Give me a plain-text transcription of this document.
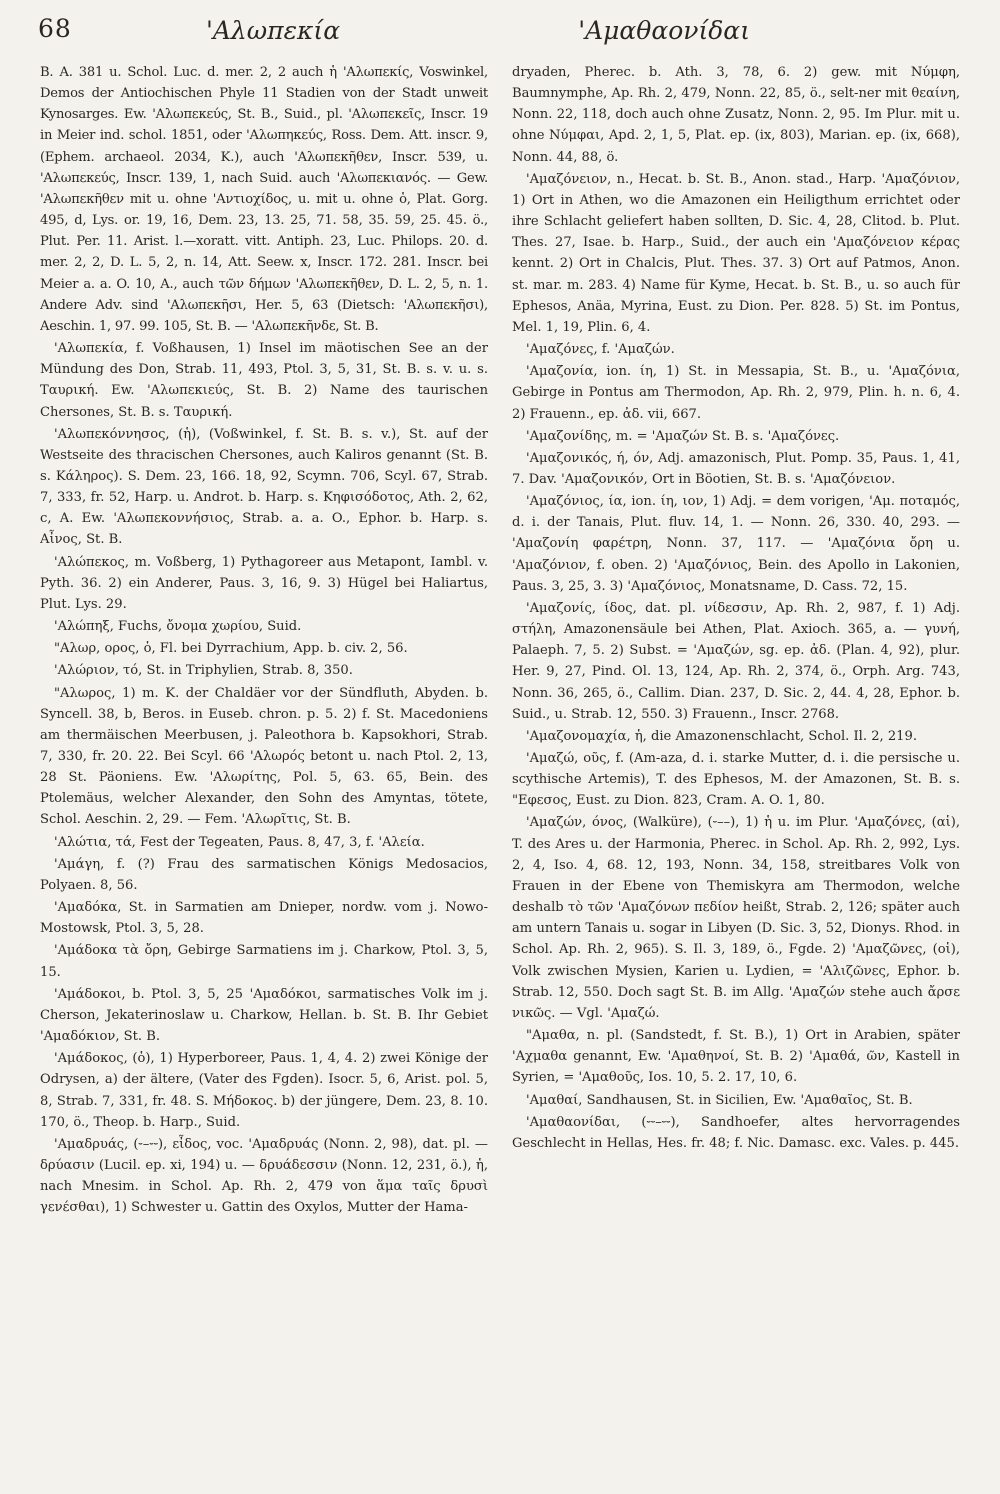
68	'Αλωπεκία	'Αμαθαονίδαι

B. A. 381 u. Schol. Luc. d. mer. 2, 2 auch ἡ 'Αλωπεκίς, Voswinkel, Demos der Antiochischen Phyle 11 Stadien von der Stadt unweit Kynosarges. Ew. 'Αλωπεκεύς, St. B., Suid., pl. 'Αλωπεκεῖς, Inscr. 19 in Meier ind. schol. 1851, oder 'Αλωπηκεύς, Ross. Dem. Att. inscr. 9, (Ephem. archaeol. 2034, K.), auch 'Αλωπεκῆθεν, Inscr. 539, u. 'Αλωπεκεύς, Inscr. 139, 1, nach Suid. auch 'Αλωπεκιανός. — Gew. 'Αλωπεκῆθεν mit u. ohne 'Αντιοχίδος, u. mit u. ohne ὁ, Plat. Gorg. 495, d, Lys. or. 19, 16, Dem. 23, 13. 25, 71. 58, 35. 59, 25. 45. ö., Plut. Per. 11. Arist. l.—xoratt. vitt. Antiph. 23, Luc. Philops. 20. d. mer. 2, 2, D. L. 5, 2, n. 14, Att. Seew. x, Inscr. 172. 281. Inscr. bei Meier a. a. O. 10, A., auch τῶν δήμων 'Αλωπεκῆθεν, D. L. 2, 5, n. 1. Andere Adv. sind 'Αλωπεκῆσι, Her. 5, 63 (Dietsch: 'Αλωπεκῆσι), Aeschin. 1, 97. 99. 105, St. B. — 'Αλωπεκῆνδε, St. B.

'Αλωπεκία, f. Voßhausen, 1) Insel im mäotischen See an der Mündung des Don, Strab. 11, 493, Ptol. 3, 5, 31, St. B. s. v. u. s. Ταυρική. Ew. 'Αλωπεκιεύς, St. B. 2) Name des taurischen Chersones, St. B. s. Ταυρική.

'Αλωπεκόννησος, (ἡ), (Voßwinkel, f. St. B. s. v.), St. auf der Westseite des thracischen Chersones, auch Kaliros genannt (St. B. s. Κάληρος). S. Dem. 23, 166. 18, 92, Scymn. 706, Scyl. 67, Strab. 7, 333, fr. 52, Harp. u. Androt. b. Harp. s. Κηφισόδοτος, Ath. 2, 62, c, A. Ew. 'Αλωπεκοννήσιος, Strab. a. a. O., Ephor. b. Harp. s. Αἶνος, St. B.

'Αλώπεκος, m. Voßberg, 1) Pythagoreer aus Metapont, Iambl. v. Pyth. 36. 2) ein Anderer, Paus. 3, 16, 9. 3) Hügel bei Haliartus, Plut. Lys. 29.

'Αλώπηξ, Fuchs, ὄνομα χωρίου, Suid.

"Αλωρ, ορος, ὁ, Fl. bei Dyrrachium, App. b. civ. 2, 56.

'Αλώριον, τό, St. in Triphylien, Strab. 8, 350.

"Αλωρος, 1) m. K. der Chaldäer vor der Sündfluth, Abyden. b. Syncell. 38, b, Beros. in Euseb. chron. p. 5. 2) f. St. Macedoniens am thermäischen Meerbusen, j. Paleothora b. Kapsokhori, Strab. 7, 330, fr. 20. 22. Bei Scyl. 66 'Αλωρός betont u. nach Ptol. 2, 13, 28 St. Päoniens. Ew. 'Αλωρίτης, Pol. 5, 63. 65, Bein. des Ptolemäus, welcher Alexander, den Sohn des Amyntas, tötete, Schol. Aeschin. 2, 29. — Fem. 'Αλωρῖτις, St. B.

'Αλώτια, τά, Fest der Tegeaten, Paus. 8, 47, 3, f. 'Αλεία.

'Αμάγη, f. (?) Frau des sarmatischen Königs Medosacios, Polyaen. 8, 56.

'Αμαδόκα, St. in Sarmatien am Dnieper, nordw. vom j. Nowo-Mostowsk, Ptol. 3, 5, 28.

'Αμάδοκα τὰ ὄρη, Gebirge Sarmatiens im j. Charkow, Ptol. 3, 5, 15.

'Αμάδοκοι, b. Ptol. 3, 5, 25 'Αμαδόκοι, sarmatisches Volk im j. Cherson, Jekaterinoslaw u. Charkow, Hellan. b. St. B. Ihr Gebiet 'Αμαδόκιον, St. B.

'Αμάδοκος, (ὁ), 1) Hyperboreer, Paus. 1, 4, 4. 2) zwei Könige der Odrysen, a) der ältere, (Vater des Fgden). Isocr. 5, 6, Arist. pol. 5, 8, Strab. 7, 331, fr. 48. S. Μήδοκος. b) der jüngere, Dem. 23, 8. 10. 170, ö., Theop. b. Harp., Suid.

'Αμαδρυάς, (⏑–⏑⏑), εἶδος, voc. 'Αμαδρυάς (Nonn. 2, 98), dat. pl. — δρύασιν (Lucil. ep. xi, 194) u. — δρυάδεσσιν (Nonn. 12, 231, ö.), ἡ, nach Mnesim. in Schol. Ap. Rh. 2, 479 von ἅμα ταῖς δρυσὶ γενέσθαι), 1) Schwester u. Gattin des Oxylos, Mutter der Hama-

dryaden, Pherec. b. Ath. 3, 78, 6. 2) gew. mit Νύμφη, Baumnymphe, Ap. Rh. 2, 479, Nonn. 22, 85, ö., selt-ner mit θεαίνη, Nonn. 22, 118, doch auch ohne Zusatz, Nonn. 2, 95. Im Plur. mit u. ohne Νύμφαι, Apd. 2, 1, 5, Plat. ep. (ix, 803), Marian. ep. (ix, 668), Nonn. 44, 88, ö.

'Αμαζόνειον, n., Hecat. b. St. B., Anon. stad., Harp. 'Αμαζόνιον, 1) Ort in Athen, wo die Amazonen ein Heiligthum errichtet oder ihre Schlacht geliefert haben sollten, D. Sic. 4, 28, Clitod. b. Plut. Thes. 27, Isae. b. Harp., Suid., der auch ein 'Αμαζόνειον κέρας kennt. 2) Ort in Chalcis, Plut. Thes. 37. 3) Ort auf Patmos, Anon. st. mar. m. 283. 4) Name für Kyme, Hecat. b. St. B., u. so auch für Ephesos, Anäa, Myrina, Eust. zu Dion. Per. 828. 5) St. im Pontus, Mel. 1, 19, Plin. 6, 4.

'Αμαζόνες, f. 'Αμαζών.

'Αμαζονία, ion. ίη, 1) St. in Messapia, St. B., u. 'Αμαζόνια, Gebirge in Pontus am Thermodon, Ap. Rh. 2, 979, Plin. h. n. 6, 4. 2) Frauenn., ep. ἀδ. vii, 667.

'Αμαζονίδης, m. = 'Αμαζών St. B. s. 'Αμαζόνες.

'Αμαζονικός, ή, όν, Adj. amazonisch, Plut. Pomp. 35, Paus. 1, 41, 7. Dav. 'Αμαζονικόν, Ort in Böotien, St. B. s. 'Αμαζόνειον.

'Αμαζόνιος, ία, ion. ίη, ιον, 1) Adj. = dem vorigen, 'Αμ. ποταμός, d. i. der Tanais, Plut. fluv. 14, 1. — Nonn. 26, 330. 40, 293. — 'Αμαζονίη φαρέτρη, Nonn. 37, 117. — 'Αμαζόνια ὄρη u. 'Αμαζόνιον, f. oben. 2) 'Αμαζόνιος, Bein. des Apollo in Lakonien, Paus. 3, 25, 3. 3) 'Αμαζόνιος, Monatsname, D. Cass. 72, 15.

'Αμαζονίς, ίδος, dat. pl. νίδεσσιν, Ap. Rh. 2, 987, f. 1) Adj. στήλη, Amazonensäule bei Athen, Plat. Axioch. 365, a. — γυνή, Palaeph. 7, 5. 2) Subst. = 'Αμαζών, sg. ep. ἀδ. (Plan. 4, 92), plur. Her. 9, 27, Pind. Ol. 13, 124, Ap. Rh. 2, 374, ö., Orph. Arg. 743, Nonn. 36, 265, ö., Callim. Dian. 237, D. Sic. 2, 44. 4, 28, Ephor. b. Suid., u. Strab. 12, 550. 3) Frauenn., Inscr. 2768.

'Αμαζονομαχία, ἡ, die Amazonenschlacht, Schol. Il. 2, 219.

'Αμαζώ, οῦς, f. (Am-aza, d. i. starke Mutter, d. i. die persische u. scythische Artemis), T. des Ephesos, M. der Amazonen, St. B. s. "Εφεσος, Eust. zu Dion. 823, Cram. A. O. 1, 80.

'Αμαζών, όνος, (Walküre), (⏑––), 1) ἡ u. im Plur. 'Αμαζόνες, (αἱ), T. des Ares u. der Harmonia, Pherec. in Schol. Ap. Rh. 2, 992, Lys. 2, 4, Iso. 4, 68. 12, 193, Nonn. 34, 158, streitbares Volk von Frauen in der Ebene von Themiskyra am Thermodon, welche deshalb τὸ τῶν 'Αμαζόνων πεδίον heißt, Strab. 2, 126; später auch am untern Tanais u. sogar in Libyen (D. Sic. 3, 52, Dionys. Rhod. in Schol. Ap. Rh. 2, 965). S. Il. 3, 189, ö., Fgde. 2) 'Αμαζῶνες, (οἱ), Volk zwischen Mysien, Karien u. Lydien, = 'Αλιζῶνες, Ephor. b. Strab. 12, 550. Doch sagt St. B. im Allg. 'Αμαζών stehe auch ἄρσε νικῶς. — Vgl. 'Αμαζώ.

"Αμαθα, n. pl. (Sandstedt, f. St. B.), 1) Ort in Arabien, später 'Αχμαθα genannt, Ew. 'Αμαθηνοί, St. B. 2) 'Αμαθά, ῶν, Kastell in Syrien, = 'Αμαθοῦς, Ios. 10, 5. 2. 17, 10, 6.

'Αμαθαί, Sandhausen, St. in Sicilien, Ew. 'Αμαθαῖος, St. B.

'Αμαθαονίδαι, (⏑⏑–⏑⏑), Sandhoefer, altes hervorragendes Geschlecht in Hellas, Hes. fr. 48; f. Nic. Damasc. exc. Vales. p. 445.
